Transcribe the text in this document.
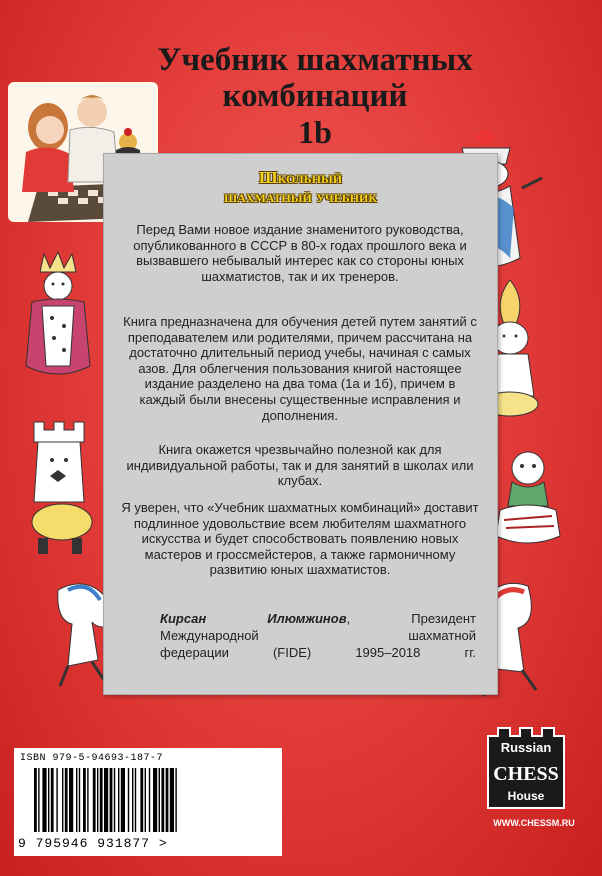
Учебник шахматных
комбинаций
1b
Школьный
шахматный учебник
Перед Вами новое издание знаменитого руководства, опубликованного в СССР в 80-х годах прошлого века и вызвавшего небывалый интерес как со стороны юных шахматистов, так и их тренеров.
Книга предназначена для обучения детей путем занятий с преподавателем или родителями, причем рассчитана на достаточно длительный период учебы, начиная с самых азов. Для облегчения пользования книгой настоящее издание разделено на два тома (1а и 1б), причем в каждый были внесены существенные исправления и дополнения.
Книга окажется чрезвычайно полезной как для индивидуальной работы, так и для занятий в школах или клубах.
Я уверен, что «Учебник шахматных комбинаций» доставит подлинное удовольствие всем любителям шахматного искусства и будет способствовать появлению новых мастеров и гроссмейстеров, а также гармоничному развитию юных шахматистов.
Кирсан Илюмжинов, Президент
Международной шахматной
федерации (FIDE) 1995–2018 гг.
ISBN 979-5-94693-187-7
9 795946 931877 >
Russian
CHESS
House
WWW.CHESSM.RU
